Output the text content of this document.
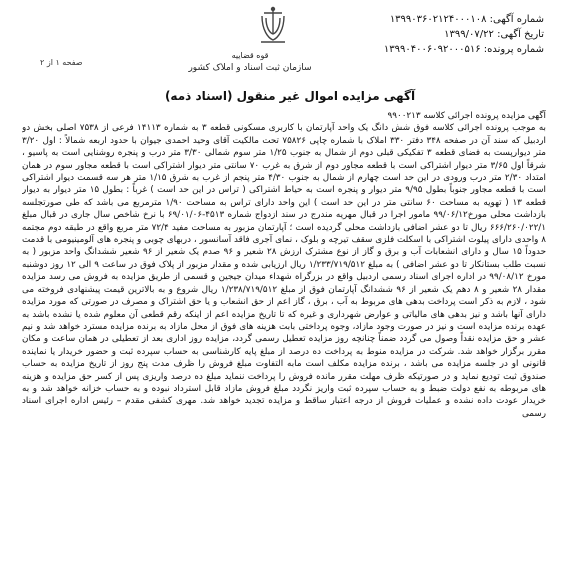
قوه قضاییه
سازمان ثبت اسناد و املاک کشور
شماره آگهی: ۱۳۹۹۰۳۶۰۲۱۲۴۰۰۰۱۰۸
تاریخ آگهی: ۱۳۹۹/۰۷/۲۲
شماره پرونده: ۱۳۹۹۰۴۰۰۶۰۹۲۰۰۰۵۱۶
صفحه ۱ از ۲
آگهی مزایده اموال غیر منقول (اسناد ذمه)

آگهی مزایده پرونده اجرائی کلاسه ۹۹۰۰۲۱۳

به موجب پرونده اجرائی کلاسه فوق شش دانگ یک واحد آپارتمان با کاربری مسکونی قطعه ۳ به شماره ۱۴۱۱۳ فرعی از ۷۵۳۸ اصلی بخش دو اردبیل که سند آن در صفحه ۳۴۸ دفتر ۳۳۰ املاک با شماره چاپی ۷۵۸۲۶ تحت مالکیت آقای وحید احمدی جیوان با حدود اربعه شمالاً : اول ۳/۲۰ متر دیوارپست به فضای قطعه ۳ تفکیکی قبلی دوم از شمال به جنوب ۱/۲۵ متر سوم شمالی ۳/۳۰ متر درب و پنجره روشنایی است به پاسیو ، شرقاً اول ۳/۶۵ متر دیوار اشتراکی است با قطعه مجاور دوم از شرق به غرب ۷۰ سانتی متر دیوار اشتراکی است با قطعه مجاور سوم در همان امتداد ۲/۳۰ متر درب ورودی در این حد است چهارم از شمال به جنوب ۴/۳۰ متر پنجم از غرب به شرق ۱/۱۵ متر هر سه قسمت دیوار اشتراکی است با قطعه مجاور جنوباً بطول ۹/۹۵ متر دیوار و پنجره است به حیاط اشتراکی ( تراس در این حد است ) غرباً : بطول ۱۵ متر دیوار به دیوار قطعه ۱۳ ( تهویه به مساحت ۶۰ سانتی متر در این حد است ) این واحد دارای تراس به مساحت ۱/۹۰ مترمربع می باشد که طی صورتجلسه بازداشت محلی مورخ۹۹/۰۶/۱۲ مامور اجرا در قبال مهریه مندرج در سند ازدواج شماره ۴۵۱۳-۶۹/۰۱/۰۶ با نرخ شاخص سال جاری در قبال مبلغ ۶۶۶/۲۶۰/۰۲۲/۱ ریال تا دو عشر اضافی بازداشت محلی گردیده است ؛ آپارتمان مزبور به مساحت مفید ۷۲/۴ متر مربع واقع در طبقه دوم مجتمه ۸ واحدی دارای پیلوت اشتراکی با اسکلت فلزی سقف تیرچه و بلوک ، نمای آجری فاقد آسانسور ، دربهای چوبی و پنجره های آلومینیومی با قدمت حدوداً ۱۵ سال و دارای انشعابات آب و برق و گاز از نوع مشترک ارزش ۲۸ شعیر و ۹۶ صدم یک شعیر از ۹۶ شعیر ششدانگ واحد مزبور ( به نسبت طلب بستانکار تا دو عشر اضافی ) به مبلغ ۱/۲۳۳/۷۱۹/۵۱۲ ریال ارزیابی شده و مقدار مزبور از پلاک فوق در ساعت ۹ الی ۱۲ روز دوشنبه مورخ ۹۹/۰۸/۱۲ در اداره اجرای اسناد رسمی اردبیل واقع در بزرگراه شهداء میدان جیجین و قسمی از طریق مزایده به فروش می رسد مزایده مقدار ۲۸ شعیر و ۸ دهم یک شعیر از ۹۶ ششدانگ آپارتمان فوق از مبلغ ۱/۲۳۸/۷۱۹/۵۱۲ ریال شروع و به بالاترین قیمت پیشنهادی فروخته می شود ، لازم به ذکر است پرداخت بدهی های مربوط به آب ، برق ، گاز اعم از حق انشعاب و یا حق اشتراک و مصرف در صورتی که مورد مزایده دارای آنها باشد و نیز بدهی های مالیاتی و عوارض شهرداری و غیره که تا تاریخ مزایده اعم از اینکه رقم قطعی آن معلوم شده یا نشده باشد به عهده برنده مزایده است و نیز در صورت وجود مازاد، وجوه پرداختی بابت هزینه های فوق از محل مازاد به برنده مزایده مسترد خواهد شد و نیم عشر و حق مزایده نقداً وصول می گردد ضمناً چنانچه روز مزایده تعطیل رسمی گردد، مزایده روز اداری بعد از تعطیلی در همان ساعت و مکان مقرر برگزار خواهد شد. شرکت در مزایده منوط به پرداخت ده درصد از مبلغ پایه کارشناسی به حساب سپرده ثبت و حضور خریدار یا نماینده قانونی او در جلسه مزایده می باشد ، برنده مزایده مکلف است مابه التفاوت مبلغ فروش را ظرف مدت پنج روز از تاریخ مزایده به حساب صندوق ثبت توديع نماید و در صورتیکه ظرف مهلت مقرر مانده فروش را پرداخت ننماید مبلغ ده درصد واریزی پس از کسر حق مزایده و هزینه های مربوطه به نفع دولت ضبط و به حساب سپرده ثبت واریز نگردد مبلغ فروش مازاد قابل استرداد نبوده و به حساب خزانه خواهد شد و به خریدار عودت داده نشده و عملیات فروش از درجه اعتبار ساقط و مزایده تجدید خواهد شد. مهری کشفی مقدم – رئیس اداره اجرای اسناد رسمی
